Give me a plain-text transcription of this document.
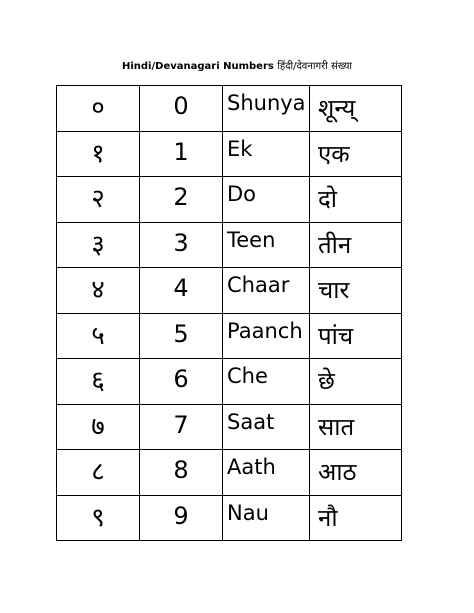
Hindi/Devanagari Numbers हिंदी/देवनागरी संख्या
०	0	Shunya	शून्य्
१	1	Ek	एक
२	2	Do	दो
३	3	Teen	तीन
४	4	Chaar	चार
५	5	Paanch	पांच
६	6	Che	छे
७	7	Saat	सात
८	8	Aath	आठ
९	9	Nau	नौ
